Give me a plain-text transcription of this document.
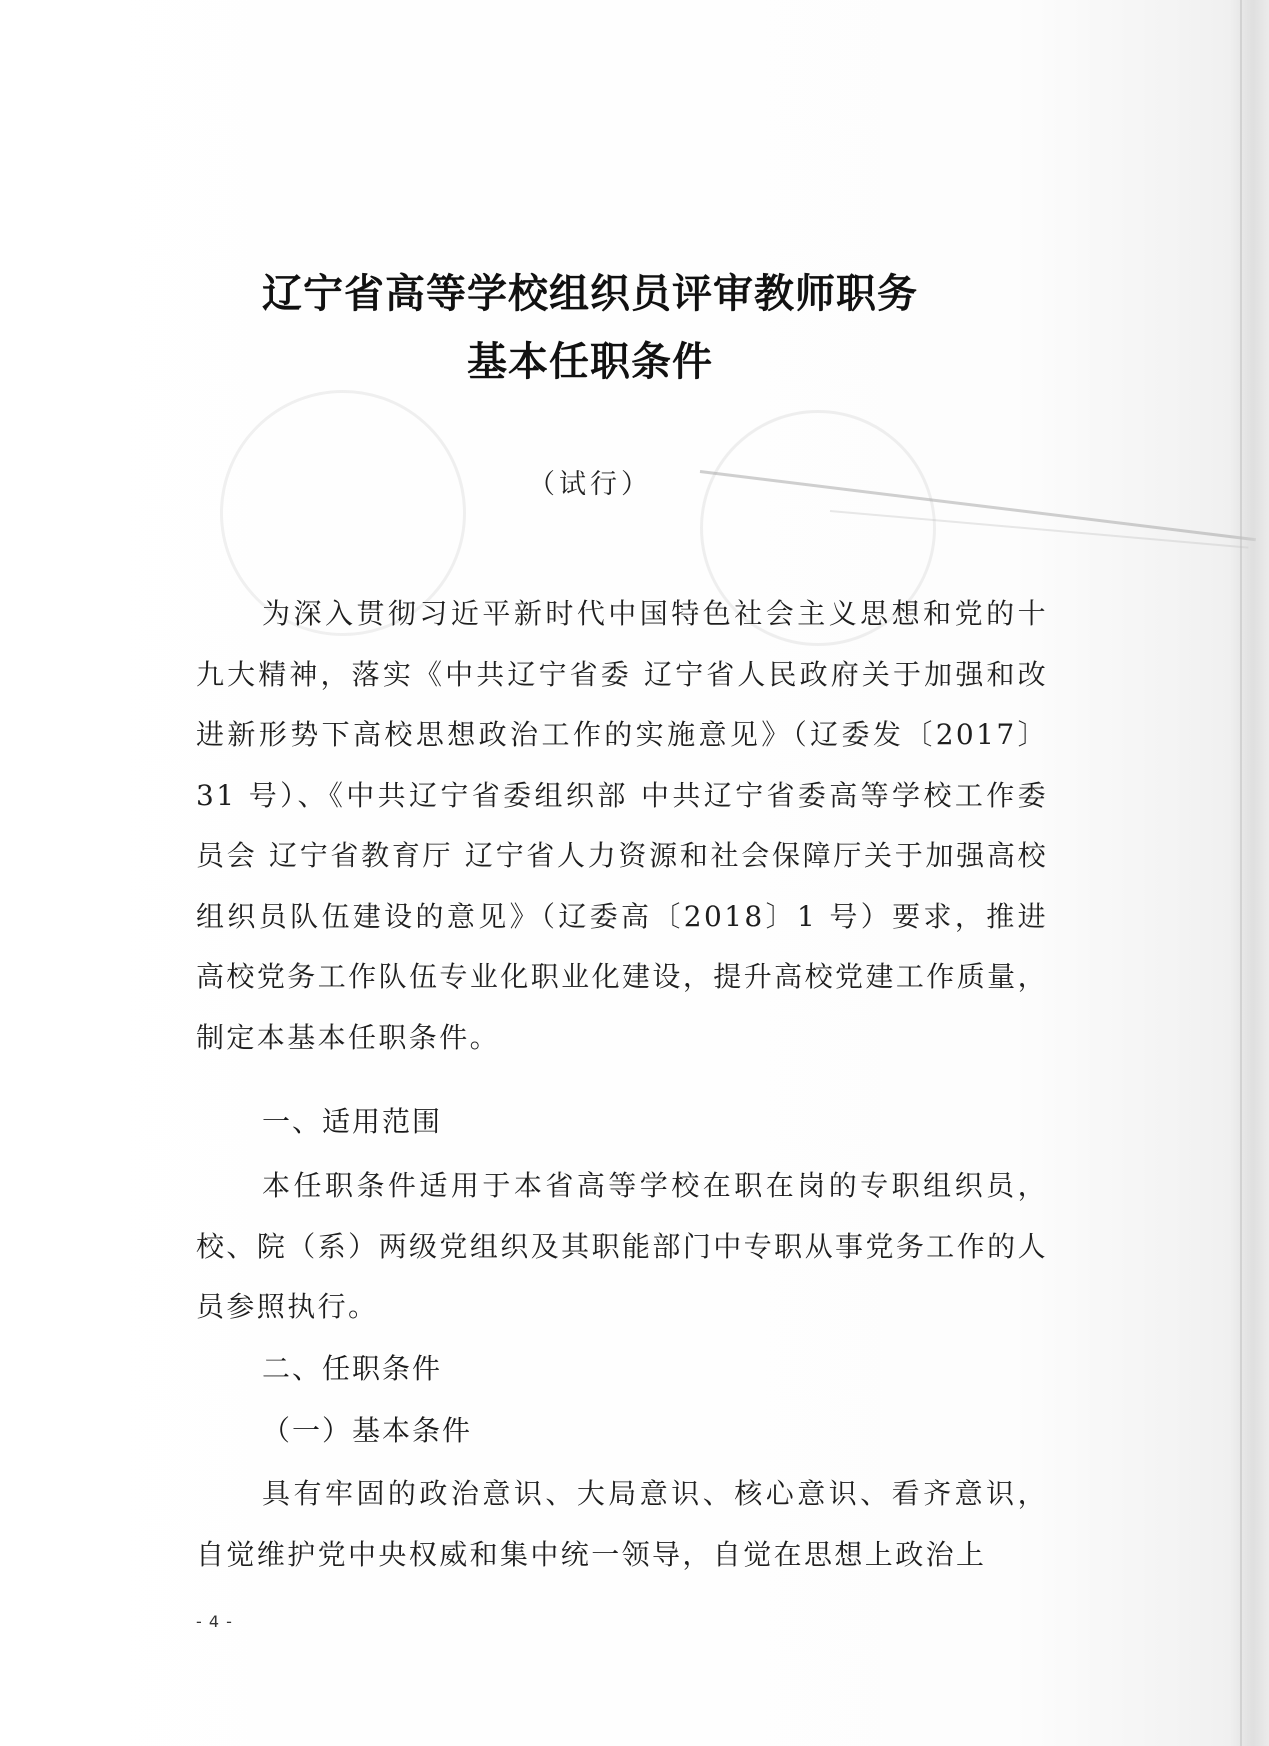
辽宁省高等学校组织员评审教师职务
基本任职条件
（试行）

为深入贯彻习近平新时代中国特色社会主义思想和党的十九大精神，落实《中共辽宁省委 辽宁省人民政府关于加强和改进新形势下高校思想政治工作的实施意见》（辽委发〔2017〕31 号）、《中共辽宁省委组织部 中共辽宁省委高等学校工作委员会 辽宁省教育厅 辽宁省人力资源和社会保障厅关于加强高校组织员队伍建设的意见》（辽委高〔2018〕1 号）要求，推进高校党务工作队伍专业化职业化建设，提升高校党建工作质量，制定本基本任职条件。

一、适用范围

本任职条件适用于本省高等学校在职在岗的专职组织员，校、院（系）两级党组织及其职能部门中专职从事党务工作的人员参照执行。

二、任职条件
（一）基本条件

具有牢固的政治意识、大局意识、核心意识、看齐意识，自觉维护党中央权威和集中统一领导，自觉在思想上政治上

- 4 -
